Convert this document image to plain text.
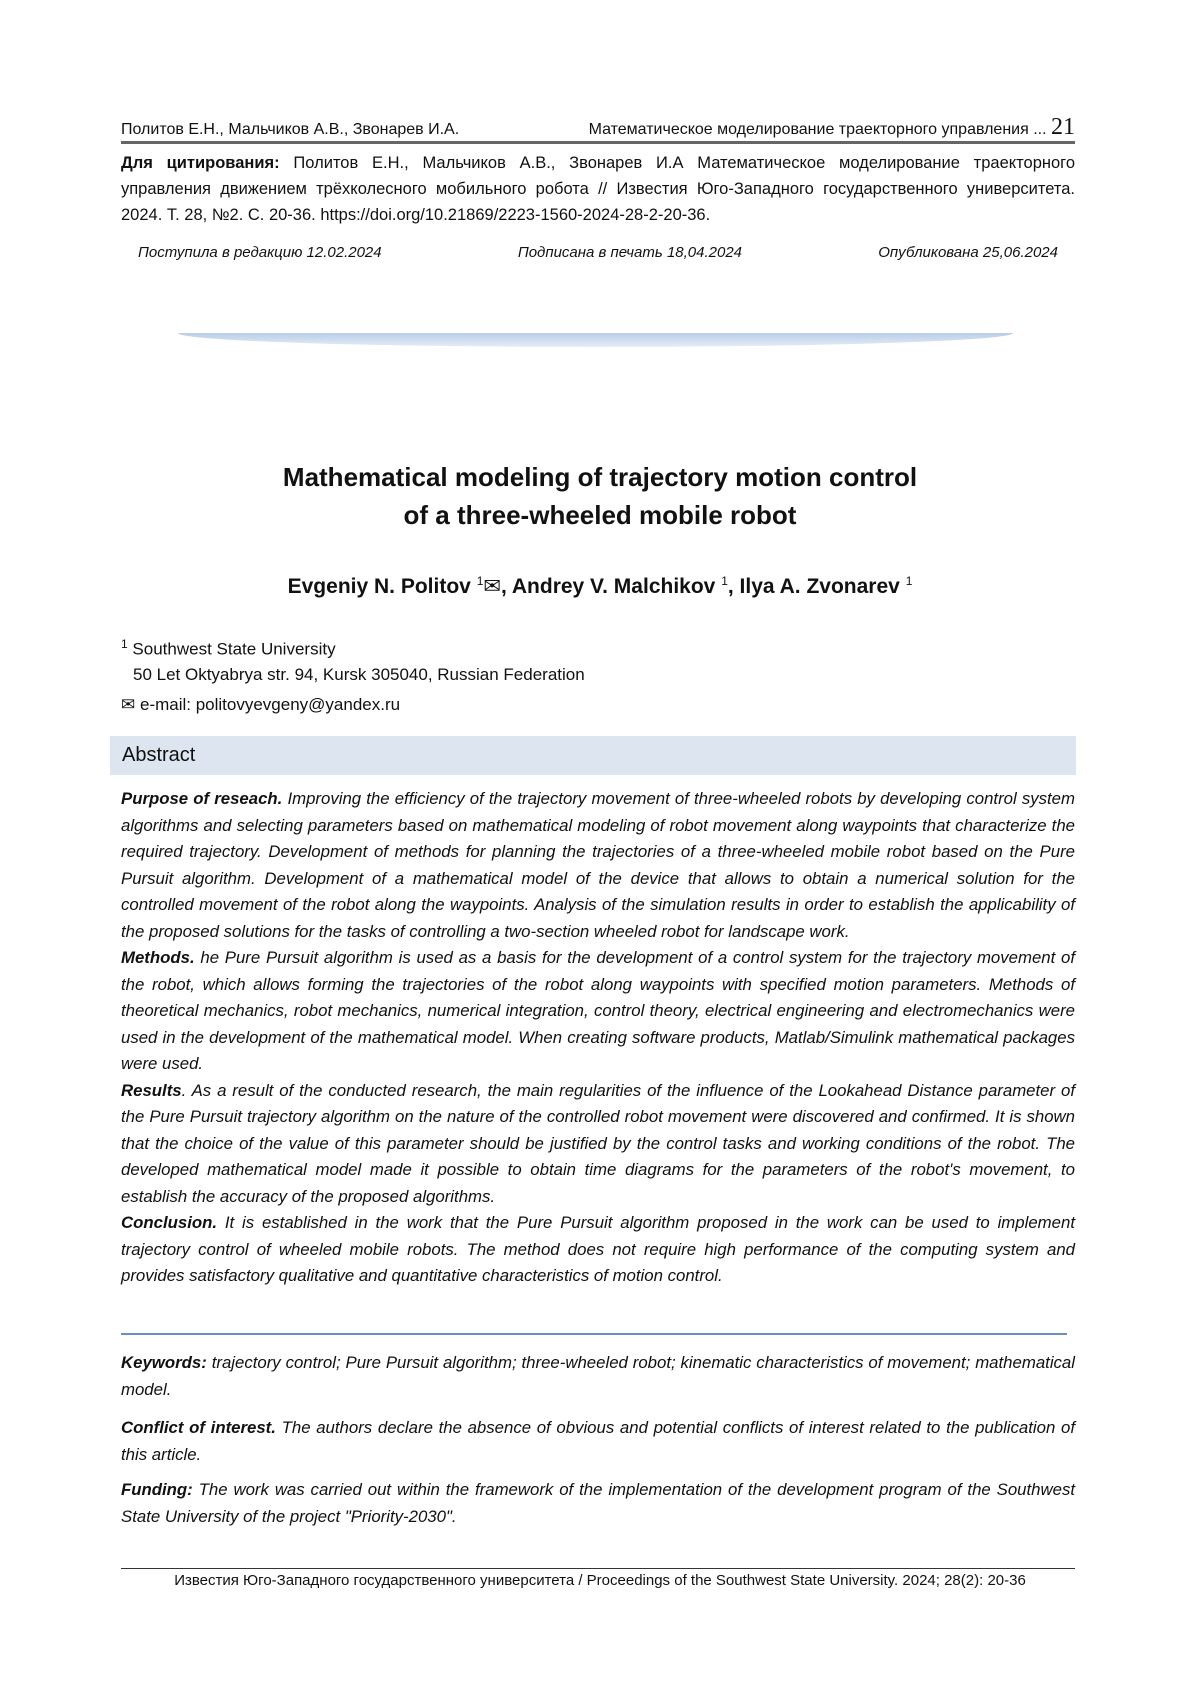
Политов Е.Н., Мальчиков А.В., Звонарев И.А.	Математическое моделирование траекторного управления ... 21
Для цитирования: Политов Е.Н., Мальчиков А.В., Звонарев И.А Математическое моделирование траекторного управления движением трёхколесного мобильного робота // Известия Юго-Западного государственного университета. 2024. Т. 28, №2. С. 20-36. https://doi.org/10.21869/2223-1560-2024-28-2-20-36.
Поступила в редакцию 12.02.2024	Подписана в печать 18,04.2024	Опубликована 25,06.2024
Mathematical modeling of trajectory motion control
of a three-wheeled mobile robot
Evgeniy N. Politov 1✉, Andrey V. Malchikov 1, Ilya A. Zvonarev 1
1 Southwest State University
50 Let Oktyabrya str. 94, Kursk 305040, Russian Federation
✉ e-mail: politovyevgeny@yandex.ru
Abstract

Purpose of reseach. Improving the efficiency of the trajectory movement of three-wheeled robots by developing control system algorithms and selecting parameters based on mathematical modeling of robot movement along waypoints that characterize the required trajectory. Development of methods for planning the trajectories of a three-wheeled mobile robot based on the Pure Pursuit algorithm. Development of a mathematical model of the device that allows to obtain a numerical solution for the controlled movement of the robot along the waypoints. Analysis of the simulation results in order to establish the applicability of the proposed solutions for the tasks of controlling a two-section wheeled robot for landscape work.

Methods. he Pure Pursuit algorithm is used as a basis for the development of a control system for the trajectory movement of the robot, which allows forming the trajectories of the robot along waypoints with specified motion parameters. Methods of theoretical mechanics, robot mechanics, numerical integration, control theory, electrical engineering and electromechanics were used in the development of the mathematical model. When creating software products, Matlab/Simulink mathematical packages were used.

Results. As a result of the conducted research, the main regularities of the influence of the Lookahead Distance parameter of the Pure Pursuit trajectory algorithm on the nature of the controlled robot movement were discovered and confirmed. It is shown that the choice of the value of this parameter should be justified by the control tasks and working conditions of the robot. The developed mathematical model made it possible to obtain time diagrams for the parameters of the robot's movement, to establish the accuracy of the proposed algorithms.

Conclusion. It is established in the work that the Pure Pursuit algorithm proposed in the work can be used to implement trajectory control of wheeled mobile robots. The method does not require high performance of the computing system and provides satisfactory qualitative and quantitative characteristics of motion control.

Keywords: trajectory control; Pure Pursuit algorithm; three-wheeled robot; kinematic characteristics of movement; mathematical model.
Conflict of interest. The authors declare the absence of obvious and potential conflicts of interest related to the publication of this article.
Funding: The work was carried out within the framework of the implementation of the development program of the Southwest State University of the project "Priority-2030".
Известия Юго-Западного государственного университета / Proceedings of the Southwest State University. 2024; 28(2): 20-36
